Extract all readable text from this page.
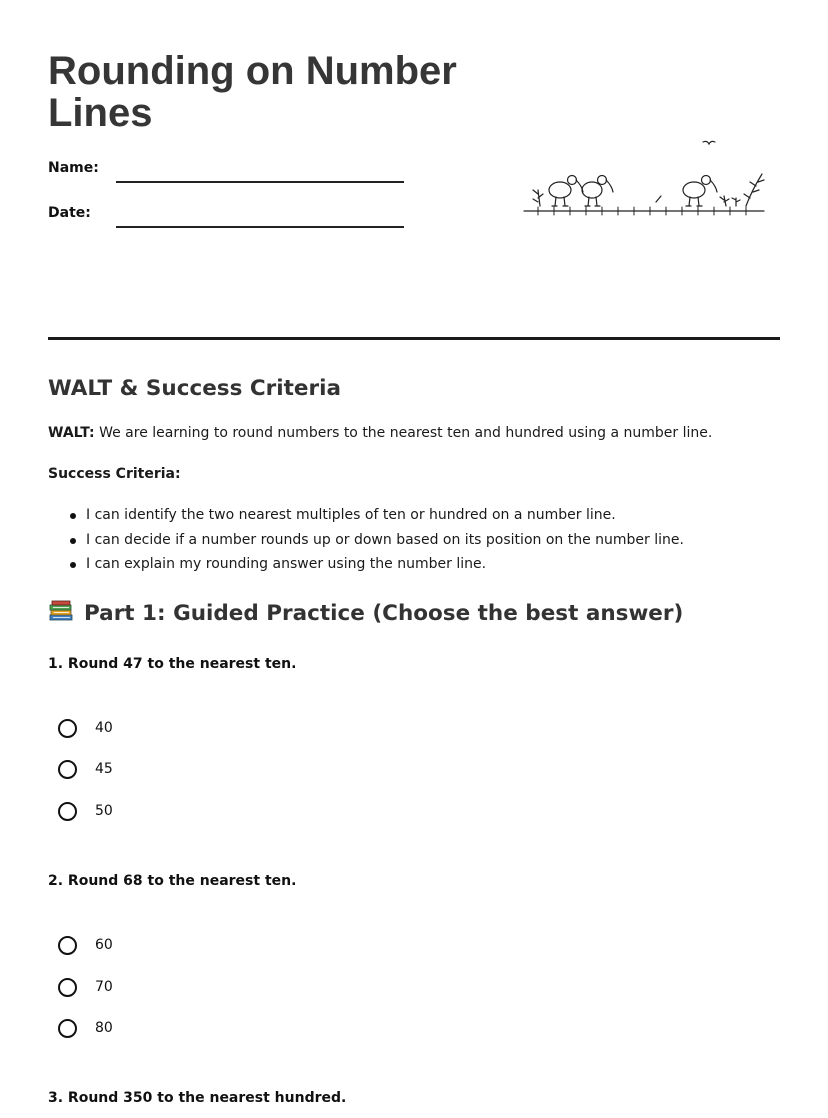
Rounding on Number Lines
Name:
Date:
WALT & Success Criteria
WALT: We are learning to round numbers to the nearest ten and hundred using a number line.
Success Criteria:
I can identify the two nearest multiples of ten or hundred on a number line.
I can decide if a number rounds up or down based on its position on the number line.
I can explain my rounding answer using the number line.
Part 1: Guided Practice (Choose the best answer)
1. Round 47 to the nearest ten.
40
45
50
2. Round 68 to the nearest ten.
60
70
80
3. Round 350 to the nearest hundred.
